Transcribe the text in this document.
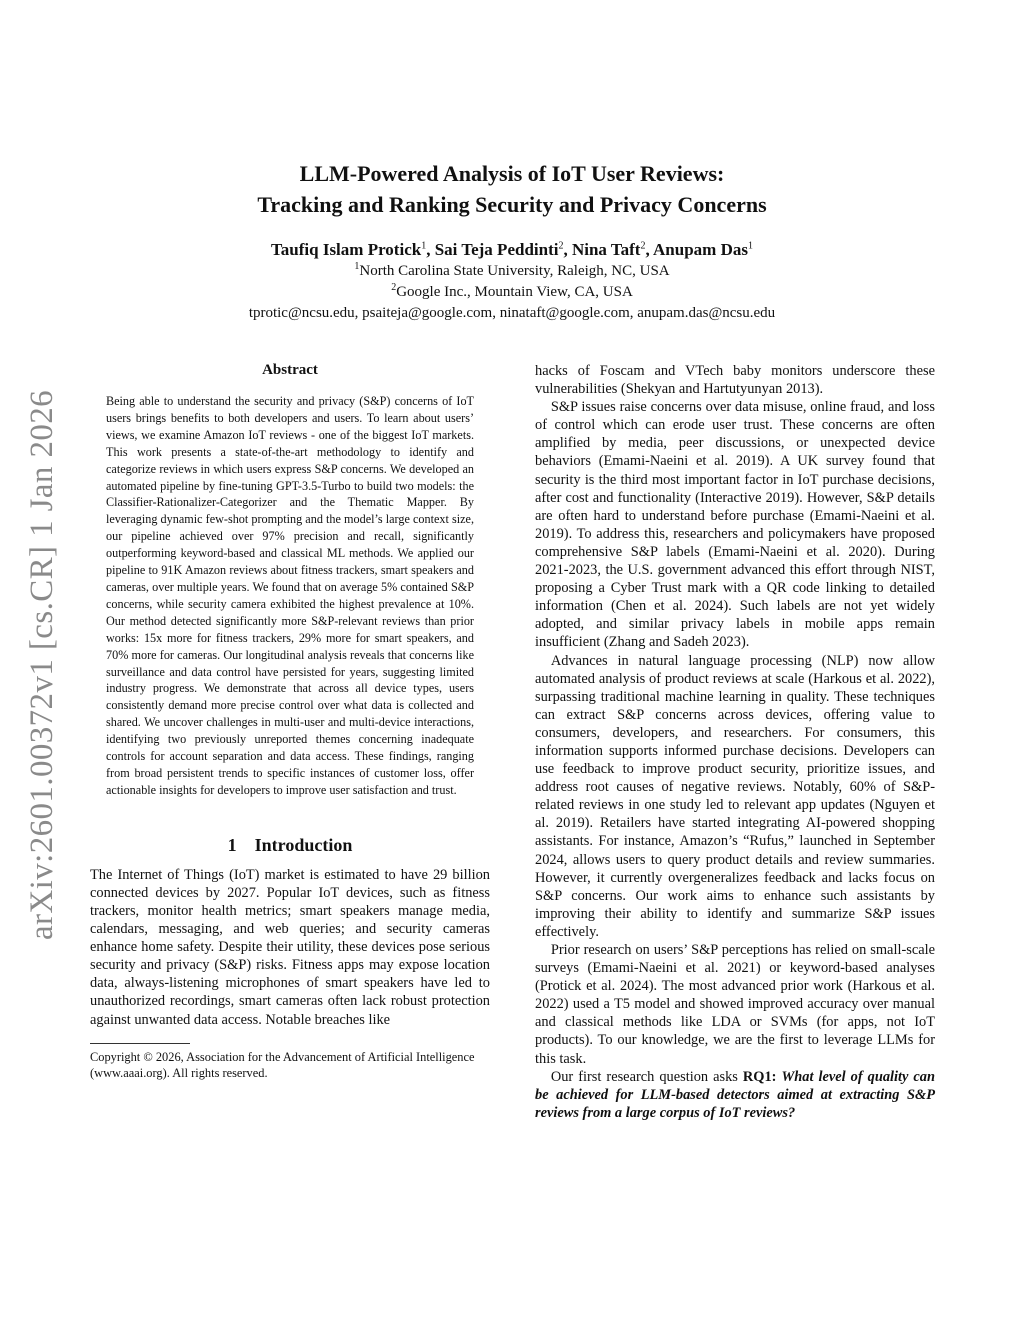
arXiv:2601.00372v1 [cs.CR] 1 Jan 2026
LLM-Powered Analysis of IoT User Reviews:
Tracking and Ranking Security and Privacy Concerns
Taufiq Islam Protick$^1$, Sai Teja Peddinti$^2$, Nina Taft$^2$, Anupam Das$^1$
$^1$North Carolina State University, Raleigh, NC, USA
$^2$Google Inc., Mountain View, CA, USA
tprotic@ncsu.edu, psaiteja@google.com, ninataft@google.com, anupam.das@ncsu.edu
Abstract

Being able to understand the security and privacy (S&P) concerns of IoT users brings benefits to both developers and users. To learn about users’ views, we examine Amazon IoT reviews - one of the biggest IoT markets. This work presents a state-of-the-art methodology to identify and categorize reviews in which users express S&P concerns. We developed an automated pipeline by fine-tuning GPT-3.5-Turbo to build two models: the Classifier-Rationalizer-Categorizer and the Thematic Mapper. By leveraging dynamic few-shot prompting and the model’s large context size, our pipeline achieved over 97% precision and recall, significantly outperforming keyword-based and classical ML methods. We applied our pipeline to 91K Amazon reviews about fitness trackers, smart speakers and cameras, over multiple years. We found that on average 5% contained S&P concerns, while security camera exhibited the highest prevalence at 10%. Our method detected significantly more S&P-relevant reviews than prior works: 15x more for fitness trackers, 29% more for smart speakers, and 70% more for cameras. Our longitudinal analysis reveals that concerns like surveillance and data control have persisted for years, suggesting limited industry progress. We demonstrate that across all device types, users consistently demand more precise control over what data is collected and shared. We uncover challenges in multi-user and multi-device interactions, identifying two previously unreported themes concerning inadequate controls for account separation and data access. These findings, ranging from broad persistent trends to specific instances of customer loss, offer actionable insights for developers to improve user satisfaction and trust.

1 Introduction

The Internet of Things (IoT) market is estimated to have 29 billion connected devices by 2027. Popular IoT devices, such as fitness trackers, monitor health metrics; smart speakers manage media, calendars, messaging, and web queries; and security cameras enhance home safety. Despite their utility, these devices pose serious security and privacy (S&P) risks. Fitness apps may expose location data, always-listening microphones of smart speakers have led to unauthorized recordings, smart cameras often lack robust protection against unwanted data access. Notable breaches like

Copyright © 2026, Association for the Advancement of Artificial Intelligence (www.aaai.org). All rights reserved.

hacks of Foscam and VTech baby monitors underscore these vulnerabilities (Shekyan and Hartutyunyan 2013).

S&P issues raise concerns over data misuse, online fraud, and loss of control which can erode user trust. These concerns are often amplified by media, peer discussions, or unexpected device behaviors (Emami-Naeini et al. 2019). A UK survey found that security is the third most important factor in IoT purchase decisions, after cost and functionality (Interactive 2019). However, S&P details are often hard to understand before purchase (Emami-Naeini et al. 2019). To address this, researchers and policymakers have proposed comprehensive S&P labels (Emami-Naeini et al. 2020). During 2021-2023, the U.S. government advanced this effort through NIST, proposing a Cyber Trust mark with a QR code linking to detailed information (Chen et al. 2024). Such labels are not yet widely adopted, and similar privacy labels in mobile apps remain insufficient (Zhang and Sadeh 2023).

Advances in natural language processing (NLP) now allow automated analysis of product reviews at scale (Harkous et al. 2022), surpassing traditional machine learning in quality. These techniques can extract S&P concerns across devices, offering value to consumers, developers, and researchers. For consumers, this information supports informed purchase decisions. Developers can use feedback to improve product security, prioritize issues, and address root causes of negative reviews. Notably, 60% of S&P-related reviews in one study led to relevant app updates (Nguyen et al. 2019). Retailers have started integrating AI-powered shopping assistants. For instance, Amazon’s “Rufus,” launched in September 2024, allows users to query product details and review summaries. However, it currently overgeneralizes feedback and lacks focus on S&P concerns. Our work aims to enhance such assistants by improving their ability to identify and summarize S&P issues effectively.

Prior research on users’ S&P perceptions has relied on small-scale surveys (Emami-Naeini et al. 2021) or keyword-based analyses (Protick et al. 2024). The most advanced prior work (Harkous et al. 2022) used a T5 model and showed improved accuracy over manual and classical methods like LDA or SVMs (for apps, not IoT products). To our knowledge, we are the first to leverage LLMs for this task.

Our first research question asks RQ1: What level of quality can be achieved for LLM-based detectors aimed at extracting S&P reviews from a large corpus of IoT reviews?
